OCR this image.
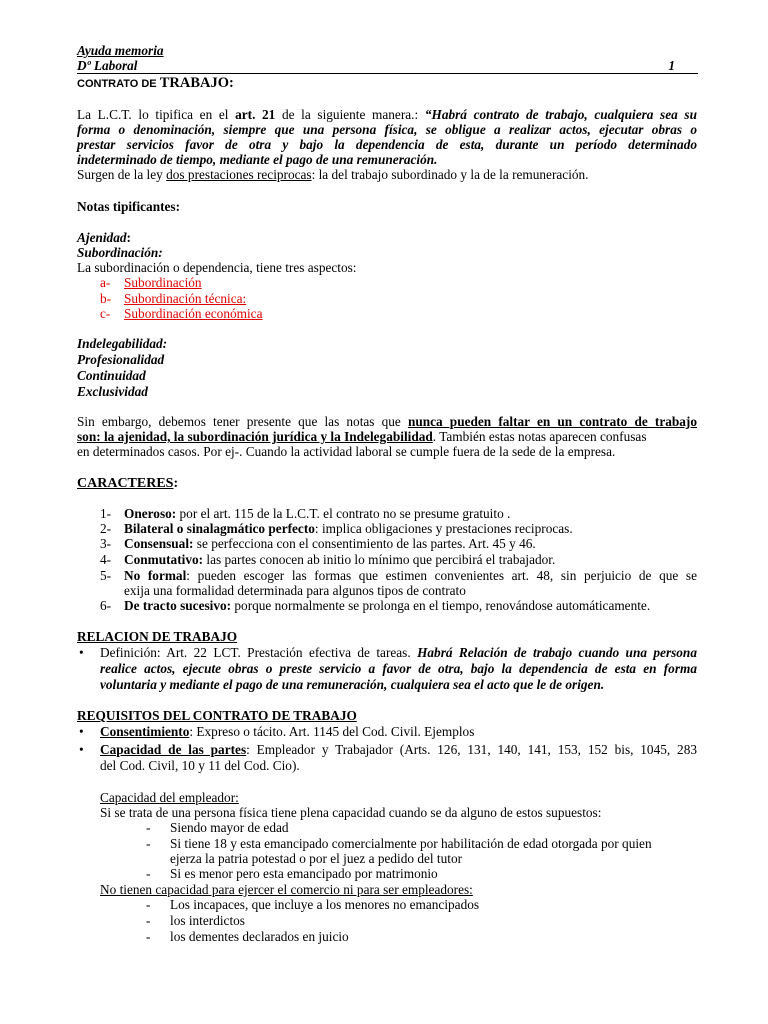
Ayuda memoria
Dº Laboral	1
CONTRATO DE TRABAJO:
La L.C.T. lo tipifica en el art. 21 de la siguiente manera.: “Habrá contrato de trabajo, cualquiera sea su
forma o denominación, siempre que una persona física, se obligue a realizar actos, ejecutar obras o
prestar servicios favor de otra y bajo la dependencia de esta, durante un período determinado
indeterminado de tiempo, mediante el pago de una remuneración.
Surgen de la ley dos prestaciones reciprocas: la del trabajo subordinado y la de la remuneración.
Notas tipificantes:
Ajenidad:
Subordinación:
La subordinación o dependencia, tiene tres aspectos:
a- Subordinación
b- Subordinación técnica:
c- Subordinación económica
Indelegabilidad:
Profesionalidad
Continuidad
Exclusividad
Sin embargo, debemos tener presente que las notas que nunca pueden faltar en un contrato de trabajo
son: la ajenidad, la subordinación jurídica y la Indelegabilidad. También estas notas aparecen confusas
en determinados casos. Por ej-. Cuando la actividad laboral se cumple fuera de la sede de la empresa.
CARACTERES:
1- Oneroso: por el art. 115 de la L.C.T. el contrato no se presume gratuito .
2- Bilateral o sinalagmático perfecto: implica obligaciones y prestaciones reciprocas.
3- Consensual: se perfecciona con el consentimiento de las partes. Art. 45 y 46.
4- Conmutativo: las partes conocen ab initio lo mínimo que percibirá el trabajador.
5- No formal: pueden escoger las formas que estimen convenientes art. 48, sin perjuicio de que se
exija una formalidad determinada para algunos tipos de contrato
6- De tracto sucesivo: porque normalmente se prolonga en el tiempo, renovándose automáticamente.
RELACION DE TRABAJO
• Definición: Art. 22 LCT. Prestación efectiva de tareas. Habrá Relación de trabajo cuando una persona
realice actos, ejecute obras o preste servicio a favor de otra, bajo la dependencia de esta en forma
voluntaria y mediante el pago de una remuneración, cualquiera sea el acto que le de origen.
REQUISITOS DEL CONTRATO DE TRABAJO
• Consentimiento: Expreso o tácito. Art. 1145 del Cod. Civil. Ejemplos
• Capacidad de las partes: Empleador y Trabajador (Arts. 126, 131, 140, 141, 153, 152 bis, 1045, 283
del Cod. Civil, 10 y 11 del Cod. Cio).
Capacidad del empleador:
Si se trata de una persona física tiene plena capacidad cuando se da alguno de estos supuestos:
- Siendo mayor de edad
- Si tiene 18 y esta emancipado comercialmente por habilitación de edad otorgada por quien
ejerza la patria potestad o por el juez a pedido del tutor
- Si es menor pero esta emancipado por matrimonio
No tienen capacidad para ejercer el comercio ni para ser empleadores:
- Los incapaces, que incluye a los menores no emancipados
- los interdictos
- los dementes declarados en juicio
